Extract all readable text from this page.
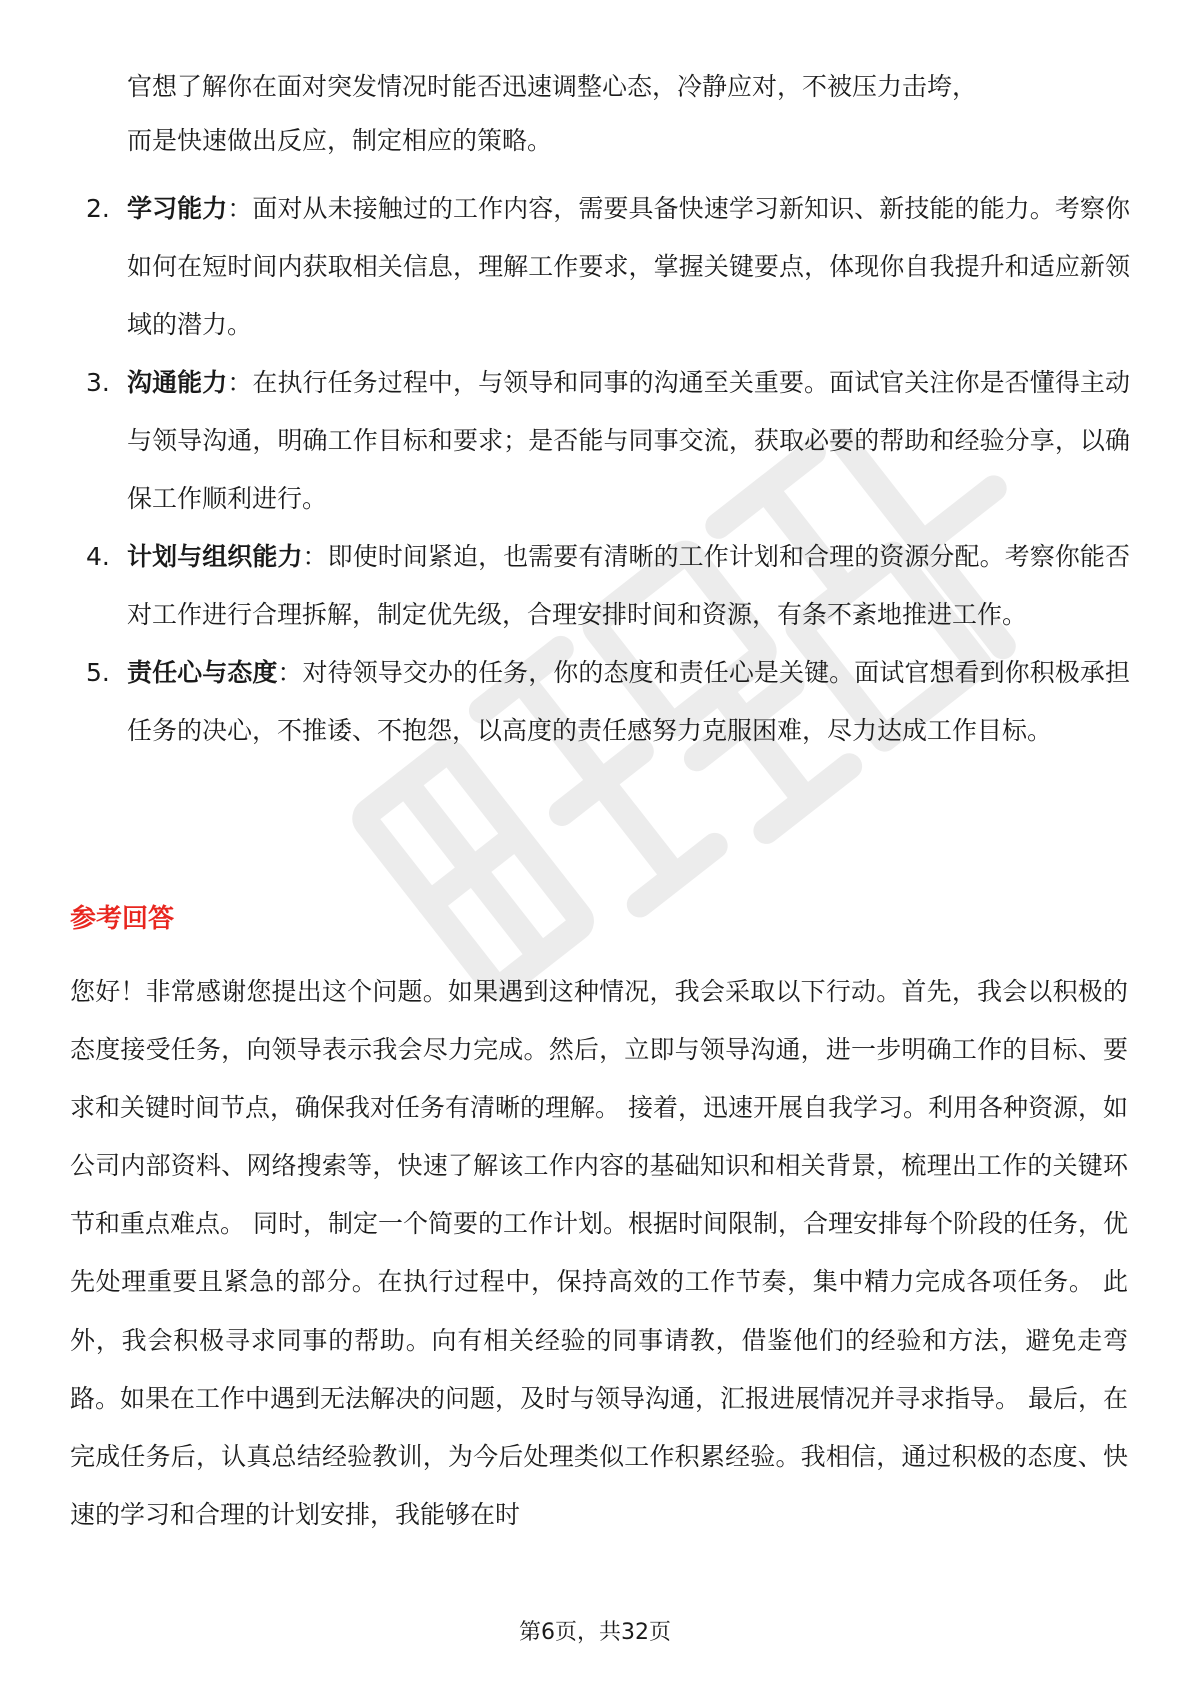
官想了解你在面对突发情况时能否迅速调整心态，冷静应对，不被压力击垮，
而是快速做出反应，制定相应的策略。
2. 学习能力：面对从未接触过的工作内容，需要具备快速学习新知识、新技能的能力。考察你如何在短时间内获取相关信息，理解工作要求，掌握关键要点，体现你自我提升和适应新领域的潜力。
3. 沟通能力：在执行任务过程中，与领导和同事的沟通至关重要。面试官关注你是否懂得主动与领导沟通，明确工作目标和要求；是否能与同事交流，获取必要的帮助和经验分享，以确保工作顺利进行。
4. 计划与组织能力：即使时间紧迫，也需要有清晰的工作计划和合理的资源分配。考察你能否对工作进行合理拆解，制定优先级，合理安排时间和资源，有条不紊地推进工作。
5. 责任心与态度：对待领导交办的任务，你的态度和责任心是关键。面试官想看到你积极承担任务的决心，不推诿、不抱怨，以高度的责任感努力克服困难，尽力达成工作目标。
参考回答

您好！非常感谢您提出这个问题。如果遇到这种情况，我会采取以下行动。首先，我会以积极的态度接受任务，向领导表示我会尽力完成。然后，立即与领导沟通，进一步明确工作的目标、要求和关键时间节点，确保我对任务有清晰的理解。 接着，迅速开展自我学习。利用各种资源，如公司内部资料、网络搜索等，快速了解该工作内容的基础知识和相关背景，梳理出工作的关键环节和重点难点。 同时，制定一个简要的工作计划。根据时间限制，合理安排每个阶段的任务，优先处理重要且紧急的部分。在执行过程中，保持高效的工作节奏，集中精力完成各项任务。 此外，我会积极寻求同事的帮助。向有相关经验的同事请教，借鉴他们的经验和方法，避免走弯路。如果在工作中遇到无法解决的问题，及时与领导沟通，汇报进展情况并寻求指导。 最后，在完成任务后，认真总结经验教训，为今后处理类似工作积累经验。我相信，通过积极的态度、快速的学习和合理的计划安排，我能够在时

第6页，共32页
